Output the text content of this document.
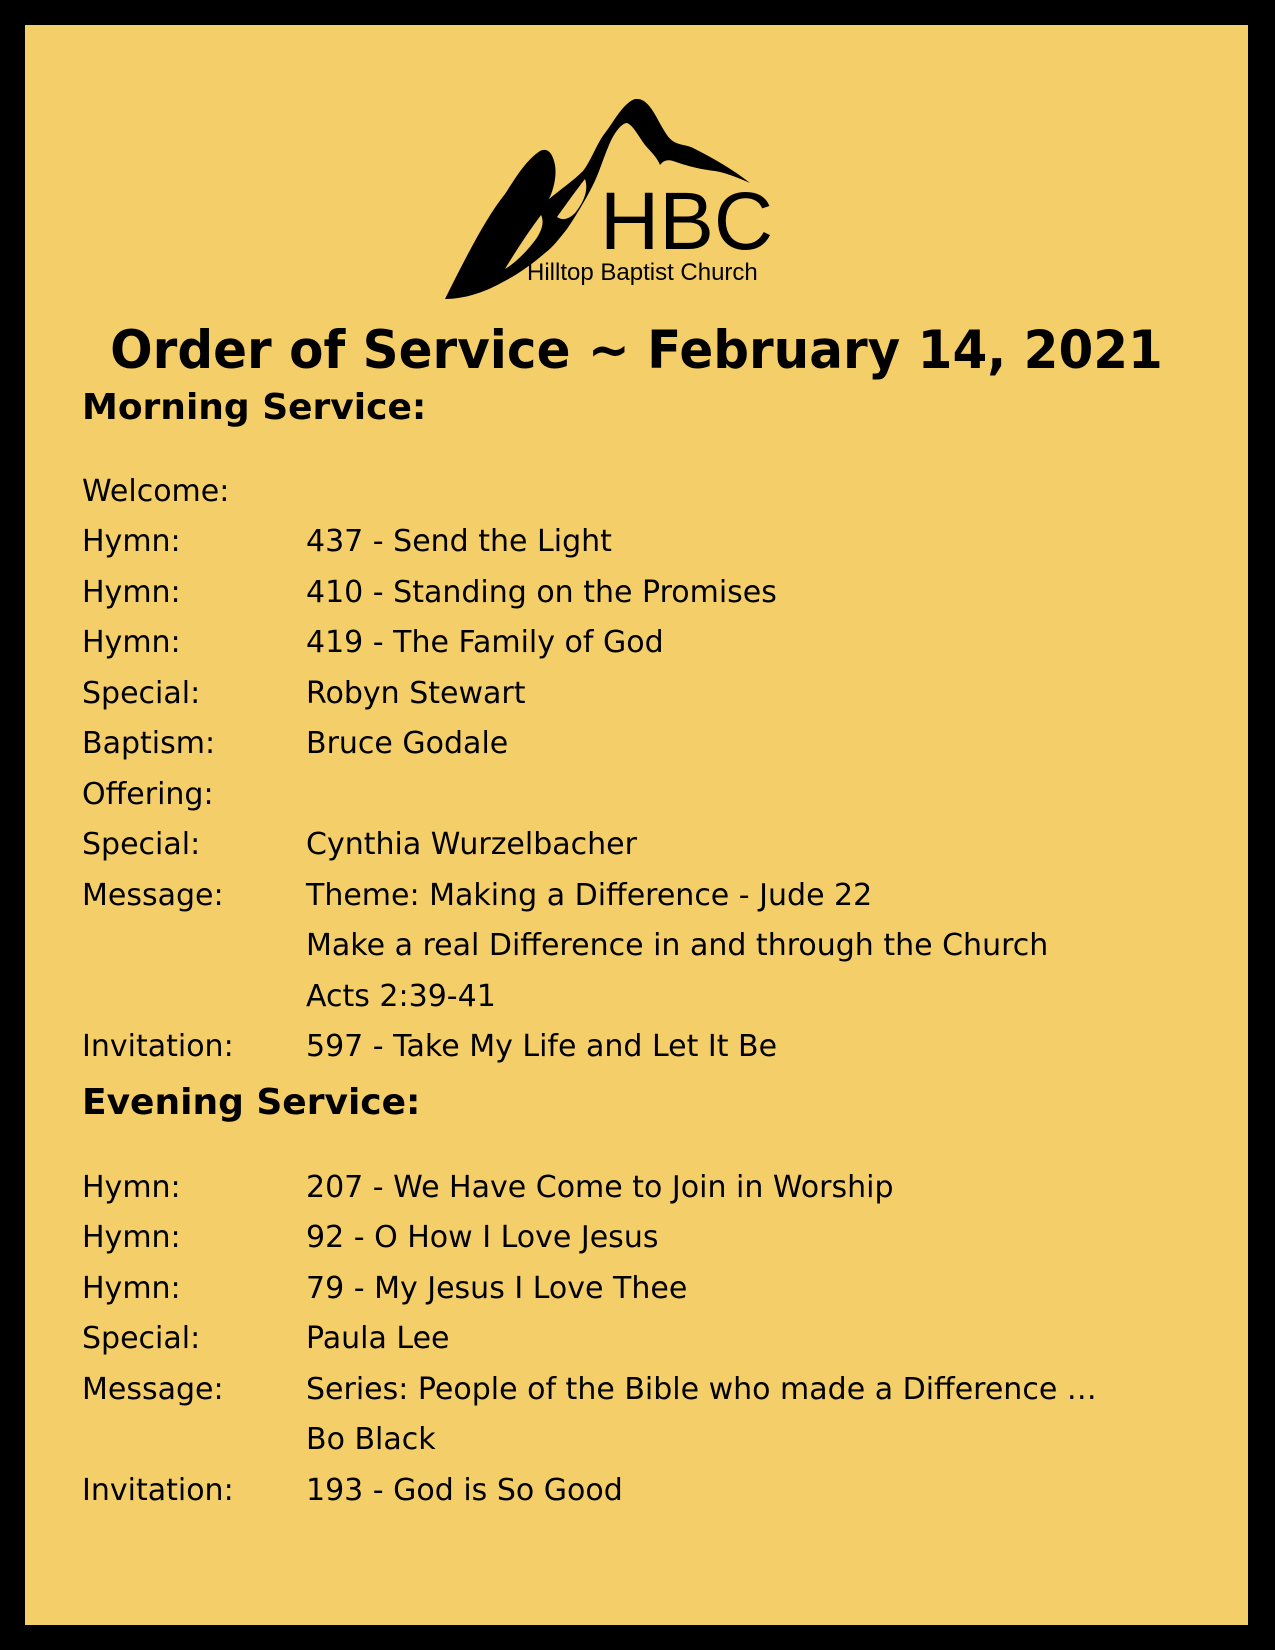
HBC
Hilltop Baptist Church
Order of Service ~ February 14, 2021
Morning Service:
Welcome:
Hymn:	437 - Send the Light
Hymn:	410 - Standing on the Promises
Hymn:	419 - The Family of God
Special:	Robyn Stewart
Baptism:	Bruce Godale
Offering:
Special:	Cynthia Wurzelbacher
Message:	Theme: Making a Difference - Jude 22
Make a real Difference in and through the Church
Acts 2:39-41
Invitation:	597 - Take My Life and Let It Be
Evening Service:
Hymn:	207 - We Have Come to Join in Worship
Hymn:	92 - O How I Love Jesus
Hymn:	79 - My Jesus I Love Thee
Special:	Paula Lee
Message:	Series: People of the Bible who made a Difference …
Bo Black
Invitation:	193 - God is So Good
